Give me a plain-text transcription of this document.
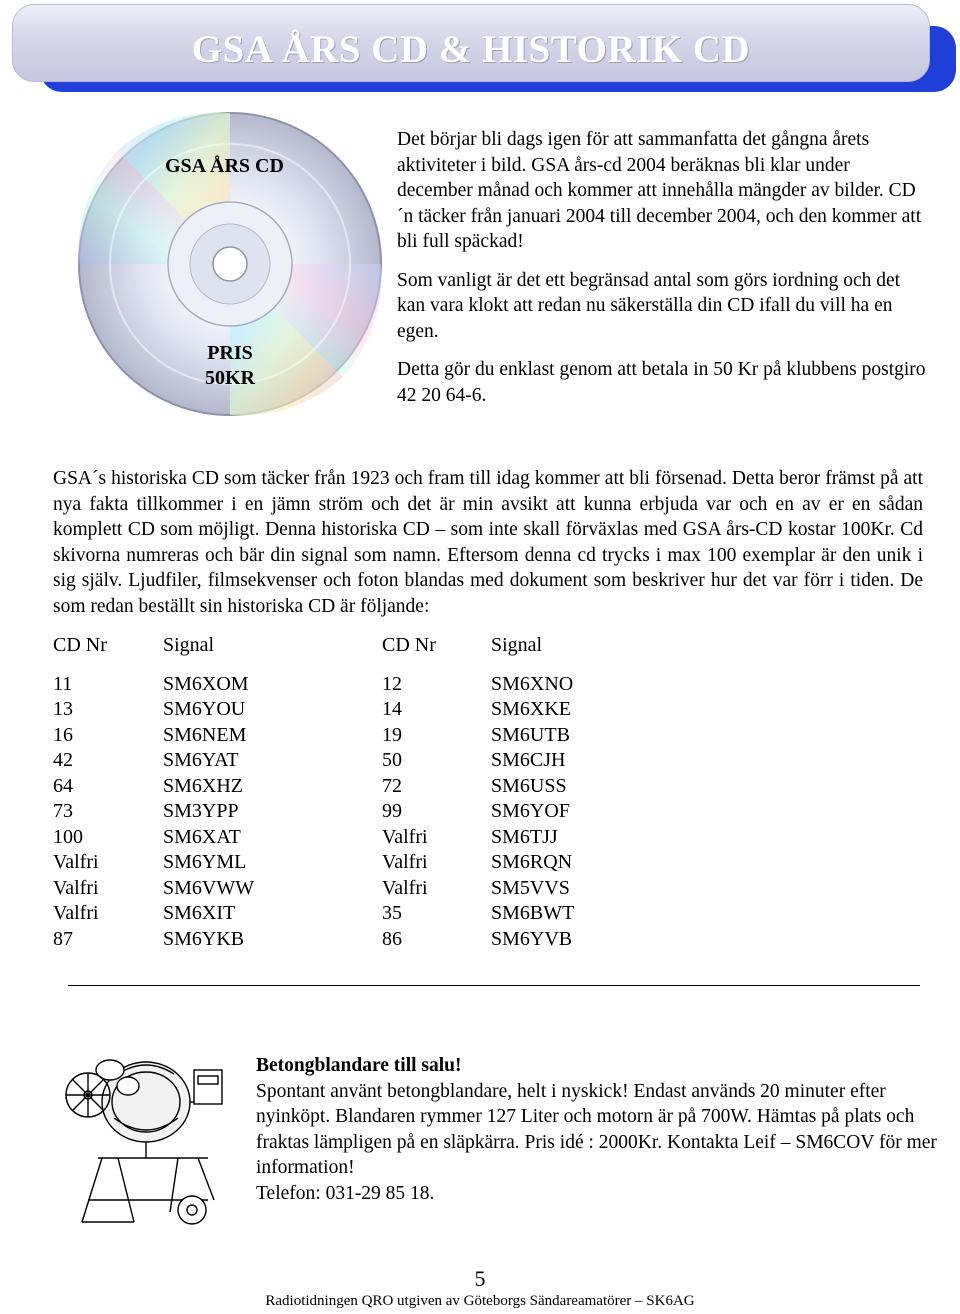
GSA ÅRS CD & HISTORIK CD
GSA ÅRS CD
PRIS
50KR

Det börjar bli dags igen för att sammanfatta det gångna årets aktiviteter i bild. GSA års-cd 2004 beräknas bli klar under december månad och kommer att innehålla mängder av bilder. CD´n täcker från januari 2004 till december 2004, och den kommer att bli full späckad!

Som vanligt är det ett begränsad antal som görs iordning och det kan vara klokt att redan nu säkerställa din CD ifall du vill ha en egen.

Detta gör du enklast genom att betala in 50 Kr på klubbens postgiro 42 20 64-6.

GSA´s historiska CD som täcker från 1923 och fram till idag kommer att bli försenad. Detta beror främst på att nya fakta tillkommer i en jämn ström och det är min avsikt att kunna erbjuda var och en av er en sådan komplett CD som möjligt. Denna historiska CD – som inte skall förväxlas med GSA års-CD kostar 100Kr. Cd skivorna numreras och bär din signal som namn. Eftersom denna cd trycks i max 100 exemplar är den unik i sig själv. Ljudfiler, filmsekvenser och foton blandas med dokument som beskriver hur det var förr i tiden. De som redan beställt sin historiska CD är följande:

CD Nr	Signal	CD Nr	Signal

11	SM6XOM	12	SM6XNO
13	SM6YOU	14	SM6XKE
16	SM6NEM	19	SM6UTB
42	SM6YAT	50	SM6CJH
64	SM6XHZ	72	SM6USS
73	SM3YPP	99	SM6YOF
100	SM6XAT	Valfri	SM6TJJ
Valfri	SM6YML	Valfri	SM6RQN
Valfri	SM6VWW	Valfri	SM5VVS
Valfri	SM6XIT	35	SM6BWT
87	SM6YKB	86	SM6YVB
Betongblandare till salu!

Spontant använt betongblandare, helt i nyskick! Endast används 20 minuter efter nyinköpt. Blandaren rymmer 127 Liter och motorn är på 700W. Hämtas på plats och fraktas lämpligen på en släpkärra. Pris idé : 2000Kr. Kontakta Leif – SM6COV för mer information!

Telefon: 031-29 85 18.

5
Radiotidningen QRO utgiven av Göteborgs Sändareamatörer – SK6AG
